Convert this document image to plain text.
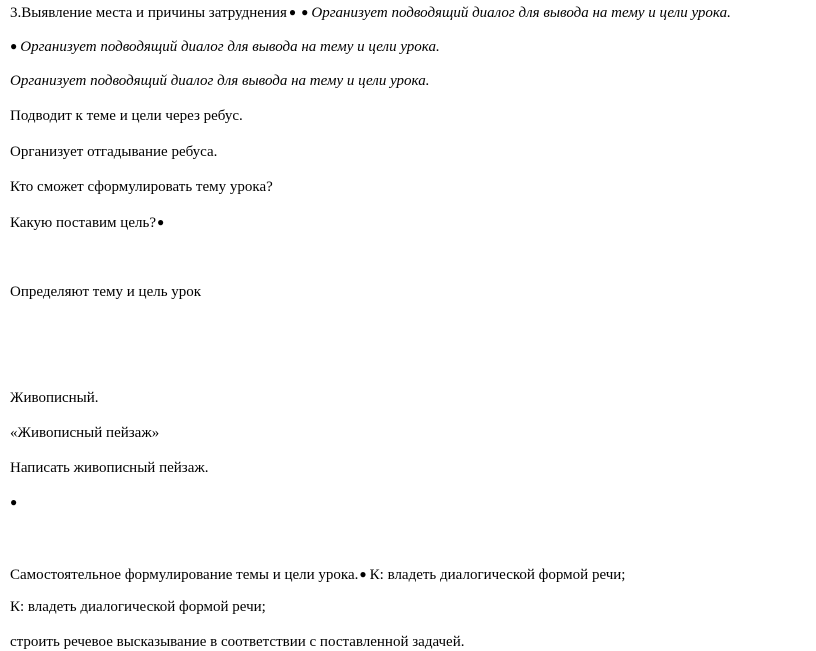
3.Выявление места и причины затруднения ● ● Организует подводящий диалог для вывода на тему и цели урока.
● Организует подводящий диалог для вывода на тему и цели урока.
Организует подводящий диалог для вывода на тему и цели урока.
Подводит к теме и цели через ребус.
Организует отгадывание ребуса.
Кто сможет сформулировать тему урока?
Какую поставим цель?●
Определяют тему и цель урок
Живописный.
«Живописный пейзаж»
Написать живописный пейзаж.
●
Самостоятельное формулирование темы и цели урока.● К: владеть диалогической формой речи;
К: владеть диалогической формой речи;
строить речевое высказывание в соответствии с поставленной задачей.
